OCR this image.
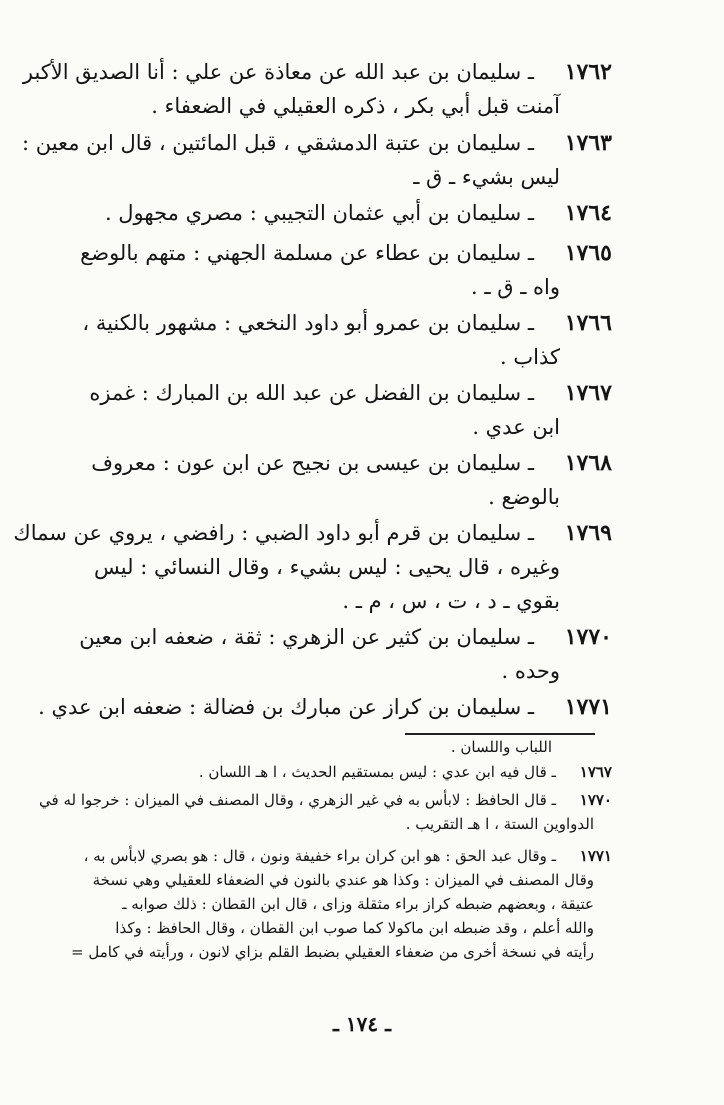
١٧٦٢
ـ سليمان بن عبد الله عن معاذة عن علي : أنا الصديق الأكبر
آمنت قبل أبي بكر ، ذكره العقيلي في الضعفاء .
١٧٦٣
ـ سليمان بن عتبة الدمشقي ، قبل المائتين ، قال ابن معين :
ليس بشيء ـ ق ـ
١٧٦٤
ـ سليمان بن أبي عثمان التجيبي : مصري مجهول .
١٧٦٥
ـ سليمان بن عطاء عن مسلمة الجهني : متهم بالوضع
واه ـ ق ـ .
١٧٦٦
ـ سليمان بن عمرو أبو داود النخعي : مشهور بالكنية ،
كذاب .
١٧٦٧
ـ سليمان بن الفضل عن عبد الله بن المبارك : غمزه
ابن عدي .
١٧٦٨
ـ سليمان بن عيسى بن نجيح عن ابن عون : معروف
بالوضع .
١٧٦٩
ـ سليمان بن قرم أبو داود الضبي : رافضي ، يروي عن سماك
وغيره ، قال يحيى : ليس بشيء ، وقال النسائي : ليس
بقوي ـ د ، ت ، س ، م ـ .
١٧٧٠
ـ سليمان بن كثير عن الزهري : ثقة ، ضعفه ابن معين
وحده .
١٧٧١
ـ سليمان بن كراز عن مبارك بن فضالة : ضعفه ابن عدي .
اللباب واللسان .
١٧٦٧
ـ قال فيه ابن عدي : ليس بمستقيم الحديث ، ا هـ اللسان .
١٧٧٠
ـ قال الحافظ : لابأس به في غير الزهري ، وقال المصنف في الميزان : خرجوا له في
الدواوين الستة ، ا هـ التقريب .
١٧٧١
ـ وقال عبد الحق : هو ابن كران براء خفيفة ونون ، قال : هو بصري لابأس به ،
وقال المصنف في الميزان : وكذا هو عندي بالنون في الضعفاء للعقيلي وهي نسخة
عتيقة ، وبعضهم ضبطه كراز براء مثقلة وزاى ، قال ابن القطان : ذلك صوابه ـ
والله أعلم ، وقد ضبطه ابن ماكولا كما صوب ابن القطان ، وقال الحافظ : وكذا
رأيته في نسخة أخرى من ضعفاء العقيلي بضبط القلم بزاي لانون ، ورأيته في كامل =
ـ ١٧٤ ـ
